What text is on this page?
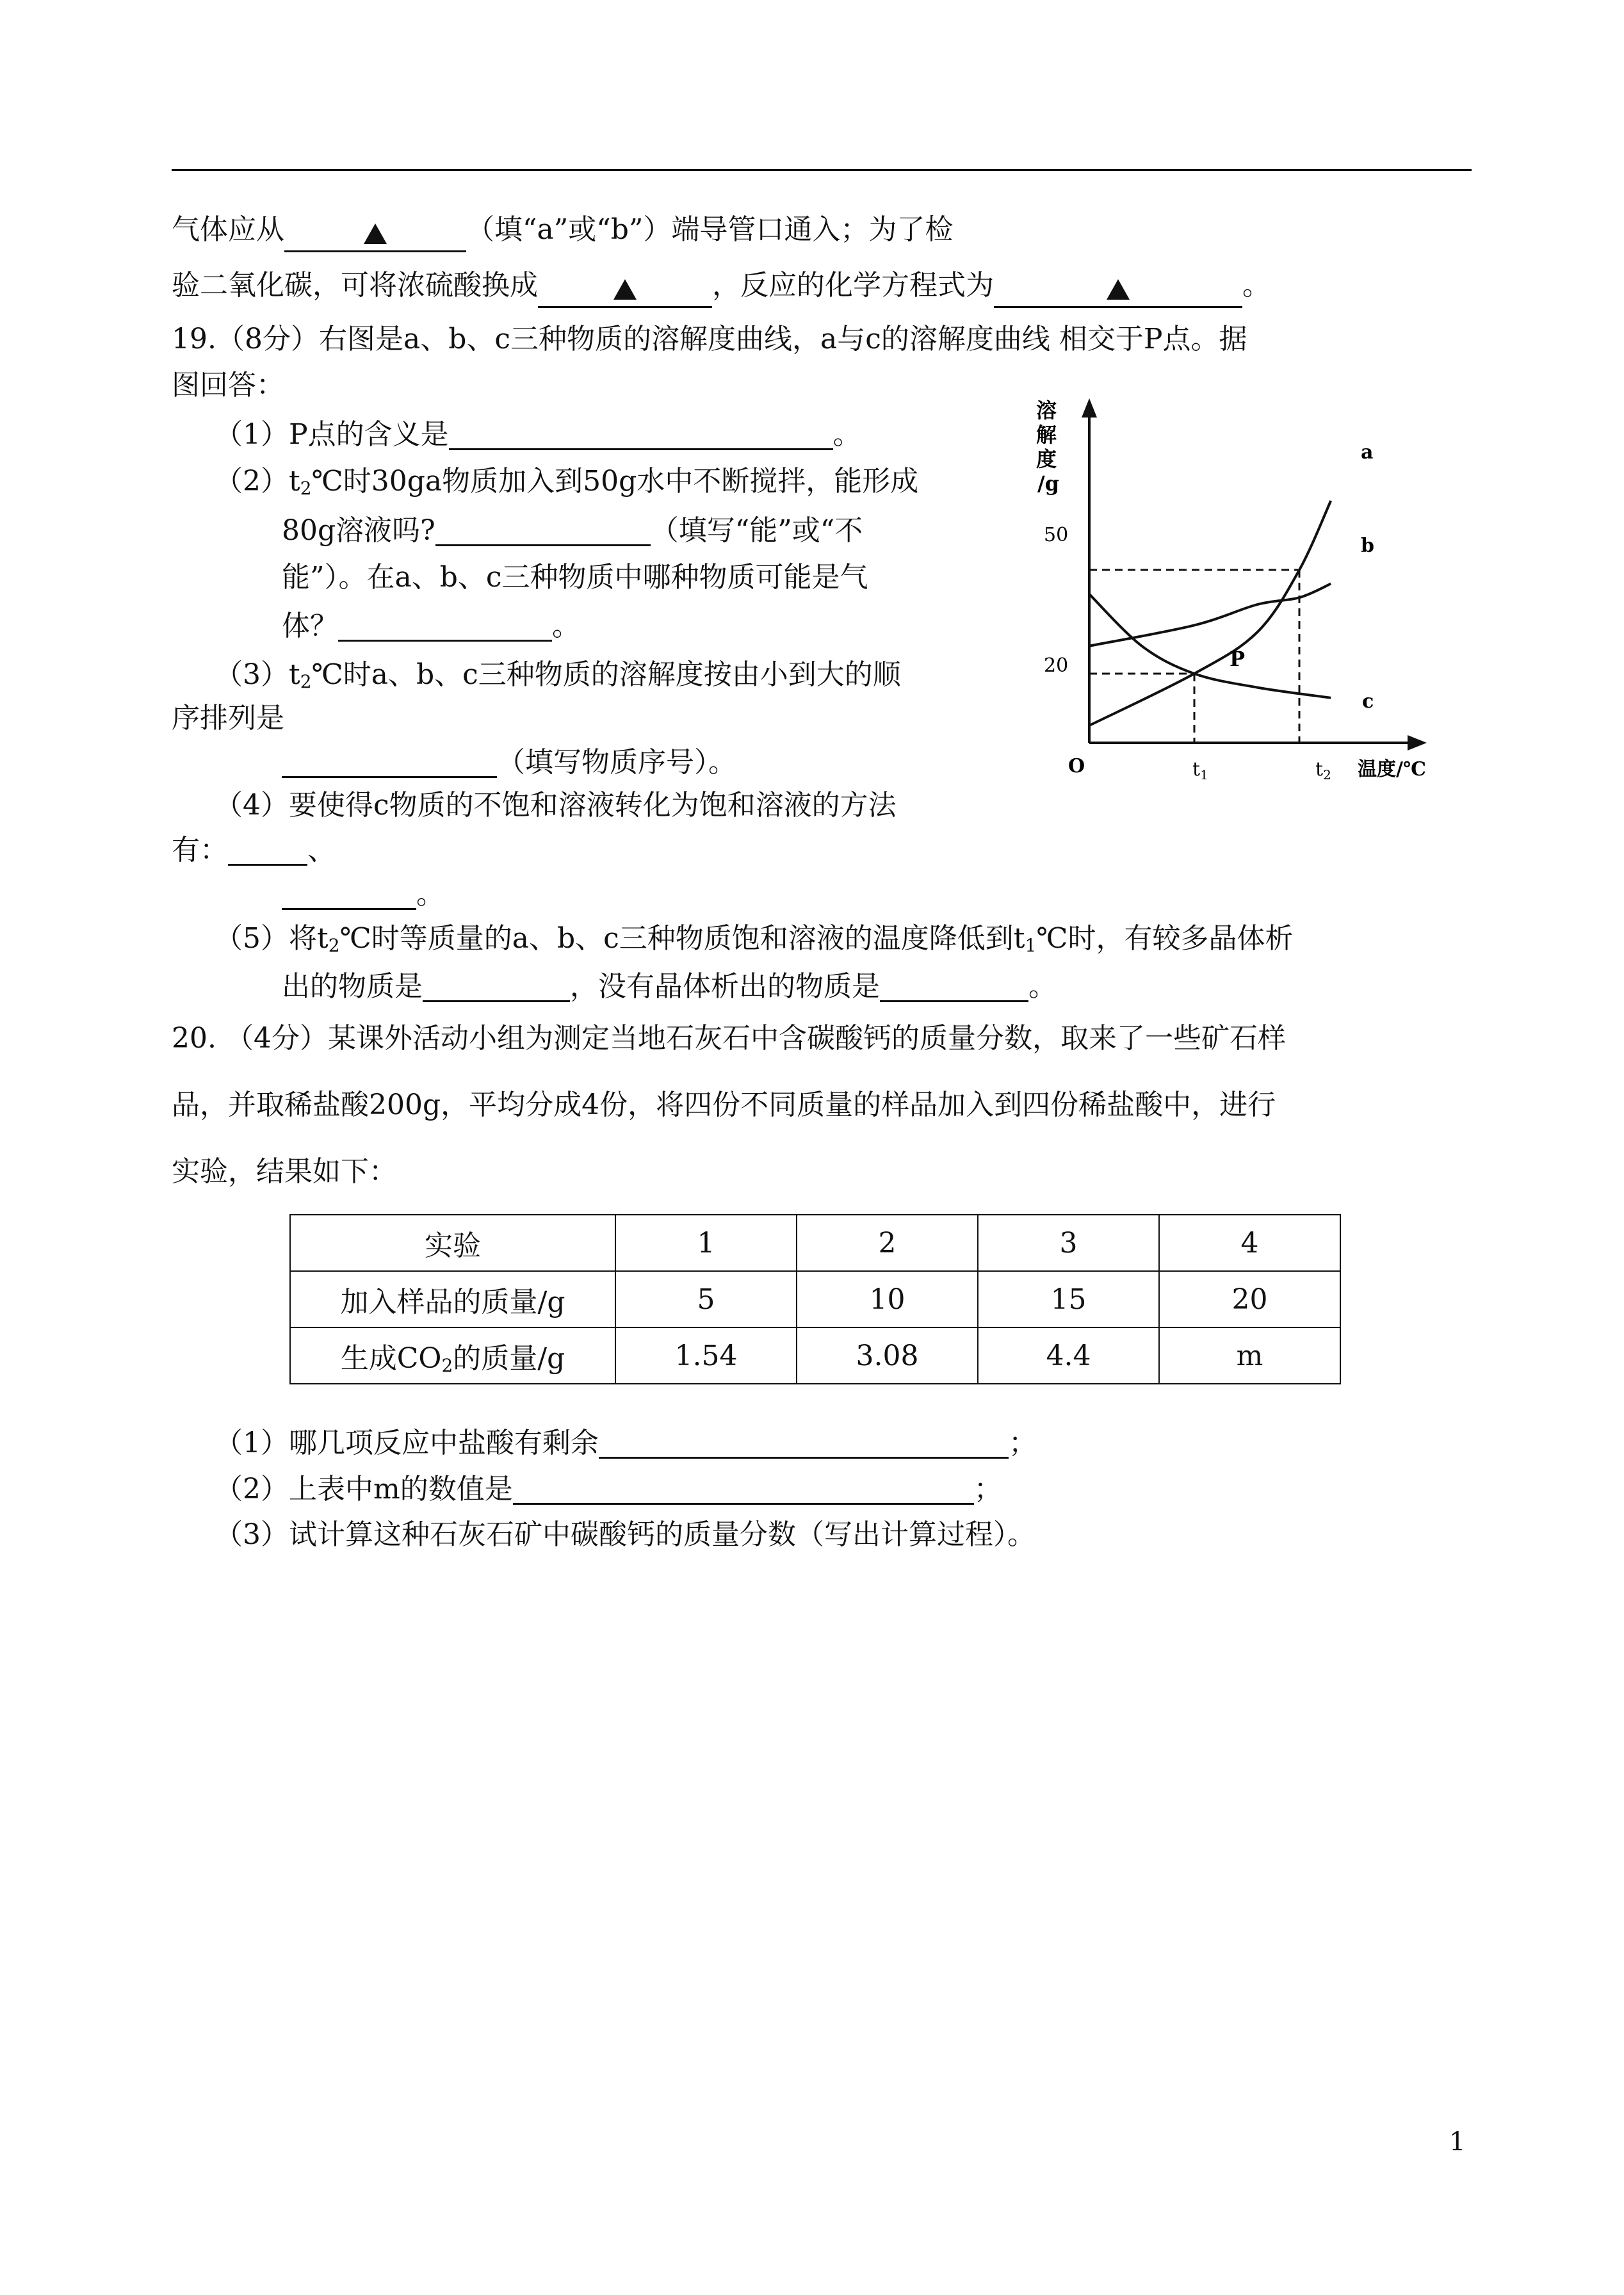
气体应从	（填“a”或“b”）端导管口通入；为了检
验二氧化碳，可将浓硫酸换成	，反应的化学方程式为	。
19.（8分）右图是a、b、c三种物质的溶解度曲线，a与c的溶解度曲线 相交于P点。据
图回答：
（1）P点的含义是	。
$(2)t_2℃$时30ga物质加入到50g水中不断搅拌，能形成
80g溶液吗?	（填写“能”或“不
能”）。在a、b、c三种物质中哪种物质可能是气
体？	。
$(3)t_2℃$时a、b、c三种物质的溶解度按由小到大的顺
序排列是
（填写物质序号）。
（4）要使得c物质的不饱和溶液转化为饱和溶液的方法
有：	、
。
（5）将$t_2℃$时等质量的a、b、c三种物质饱和溶液的温度降低到$t_1℃$时，有较多晶体析
出的物质是	，没有晶体析出的物质是	。
溶
解
度
/g
O
50
20
$t_1$	$t_2$ 温度/℃
a
b
c
P
20. （4分）某课外活动小组为测定当地石灰石中含碳酸钙的质量分数，取来了一些矿石样
品，并取稀盐酸200g，平均分成4份，将四份不同质量的样品加入到四份稀盐酸中，进行
实验，结果如下：
实验	1	2	3	4
加入样品的质量/g	5	10	15	20
生成$CO_2$的质量/g	1.54	3.08	4.4	m
（1）哪几项反应中盐酸有剩余	；
（2）上表中m的数值是	；
（3）试计算这种石灰石矿中碳酸钙的质量分数（写出计算过程）。
1
